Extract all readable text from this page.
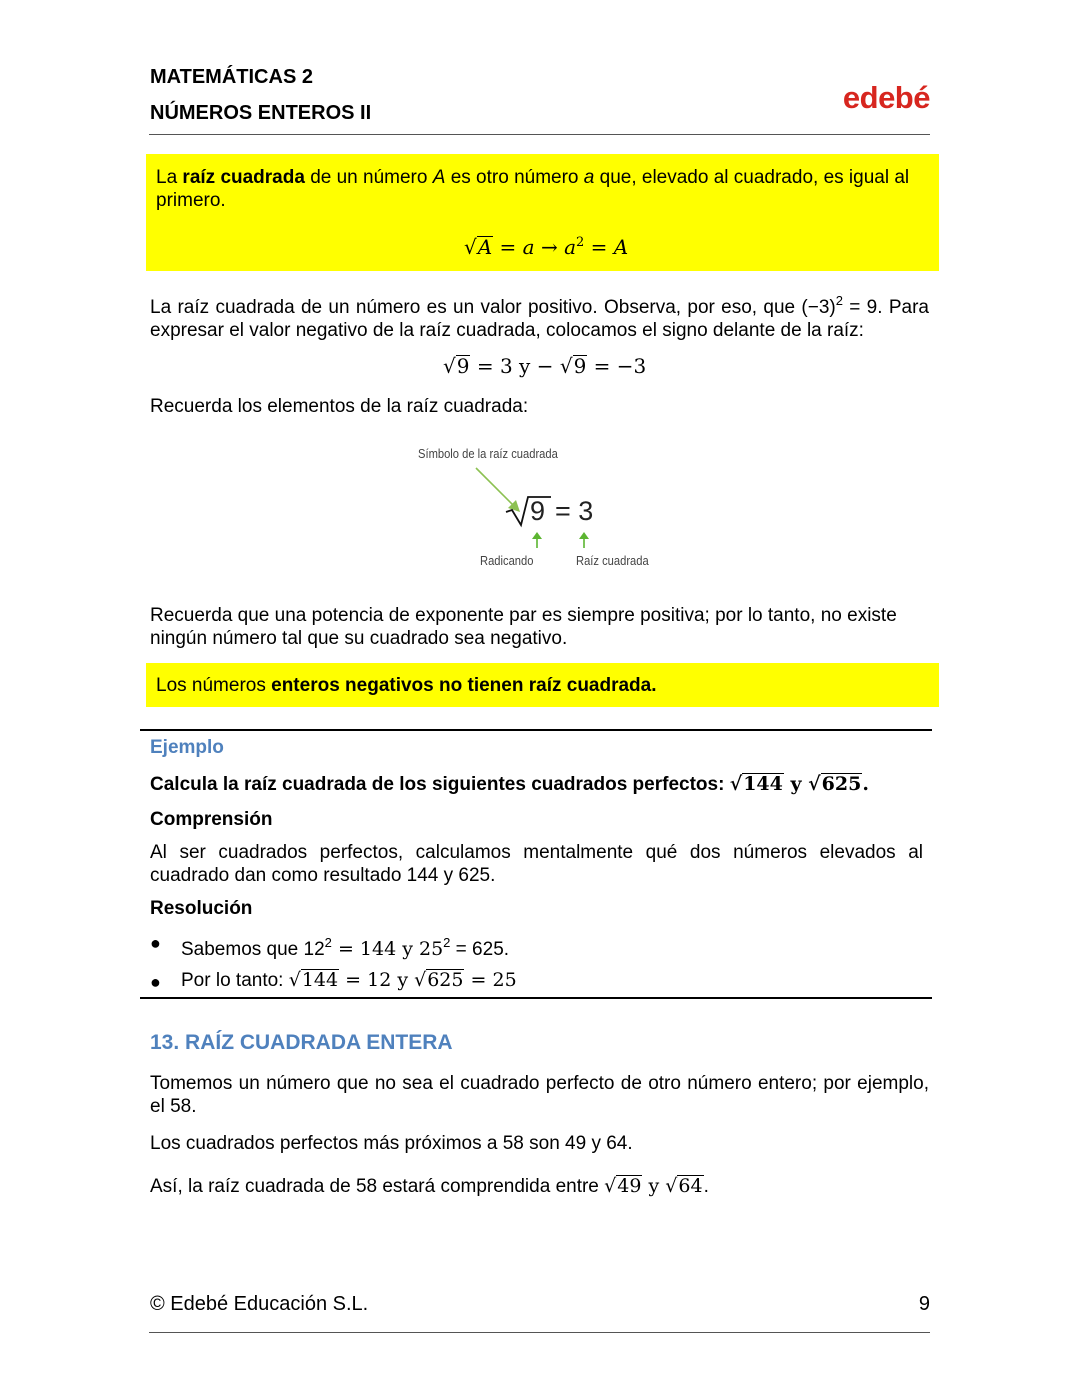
MATEMÁTICAS 2
NÚMEROS ENTEROS II	edebé
La raíz cuadrada de un número A es otro número a que, elevado al cuadrado, es igual al primero.
$√A = a \to a^2 = A$
La raíz cuadrada de un número es un valor positivo. Observa, por eso, que $(-3)^2 = 9$. Para expresar el valor negativo de la raíz cuadrada, colocamos el signo delante de la raíz:
√9 = 3 y − √9 = −3
Recuerda los elementos de la raíz cuadrada:
Símbolo de la raíz cuadrada
9 = 3
Radicando	Raíz cuadrada
Recuerda que una potencia de exponente par es siempre positiva; por lo tanto, no existe ningún número tal que su cuadrado sea negativo.
Los números enteros negativos no tienen raíz cuadrada.
Ejemplo
Calcula la raíz cuadrada de los siguientes cuadrados perfectos: √144 y √625.
Comprensión
Al ser cuadrados perfectos, calculamos mentalmente qué dos números elevados al cuadrado dan como resultado 144 y 625.
Resolución
● Sabemos que $12^2 = 144$ y $25^2 = 625$.
● Por lo tanto: √144 = 12 y √625 = 25
13. RAÍZ CUADRADA ENTERA
Tomemos un número que no sea el cuadrado perfecto de otro número entero; por ejemplo, el 58.
Los cuadrados perfectos más próximos a 58 son 49 y 64.
Así, la raíz cuadrada de 58 estará comprendida entre √49 y √64.
© Edebé Educación S.L.	9
